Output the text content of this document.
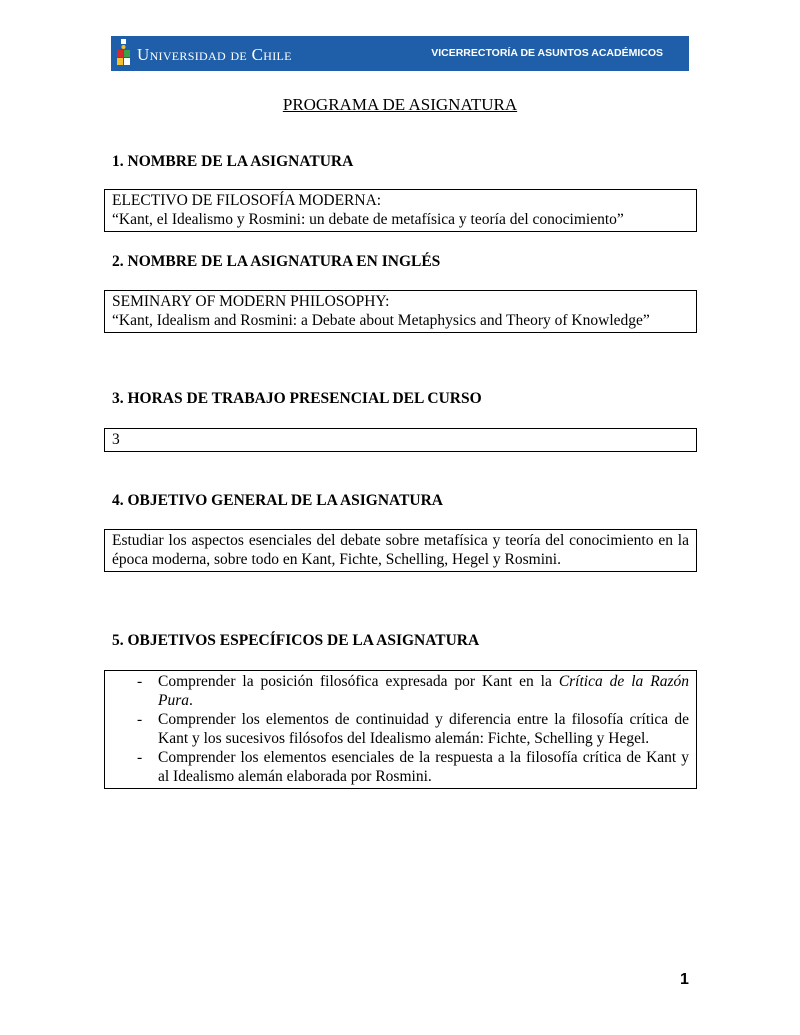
Universidad de Chile	VICERRECTORÍA DE ASUNTOS ACADÉMICOS
PROGRAMA DE ASIGNATURA
1. NOMBRE DE LA ASIGNATURA

ELECTIVO DE FILOSOFÍA MODERNA:

“Kant, el Idealismo y Rosmini: un debate de metafísica y teoría del conocimiento”

2. NOMBRE DE LA ASIGNATURA EN INGLÉS

SEMINARY OF MODERN PHILOSOPHY:

“Kant, Idealism and Rosmini: a Debate about Metaphysics and Theory of Knowledge”

3. HORAS DE TRABAJO PRESENCIAL DEL CURSO

3

4. OBJETIVO GENERAL DE LA ASIGNATURA

Estudiar los aspectos esenciales del debate sobre metafísica y teoría del conocimiento en la época moderna, sobre todo en Kant, Fichte, Schelling, Hegel y Rosmini.

5. OBJETIVOS ESPECÍFICOS DE LA ASIGNATURA
- Comprender la posición filosófica expresada por Kant en la Crítica de la Razón Pura.
- Comprender los elementos de continuidad y diferencia entre la filosofía crítica de Kant y los sucesivos filósofos del Idealismo alemán: Fichte, Schelling y Hegel.
- Comprender los elementos esenciales de la respuesta a la filosofía crítica de Kant y al Idealismo alemán elaborada por Rosmini.
1
